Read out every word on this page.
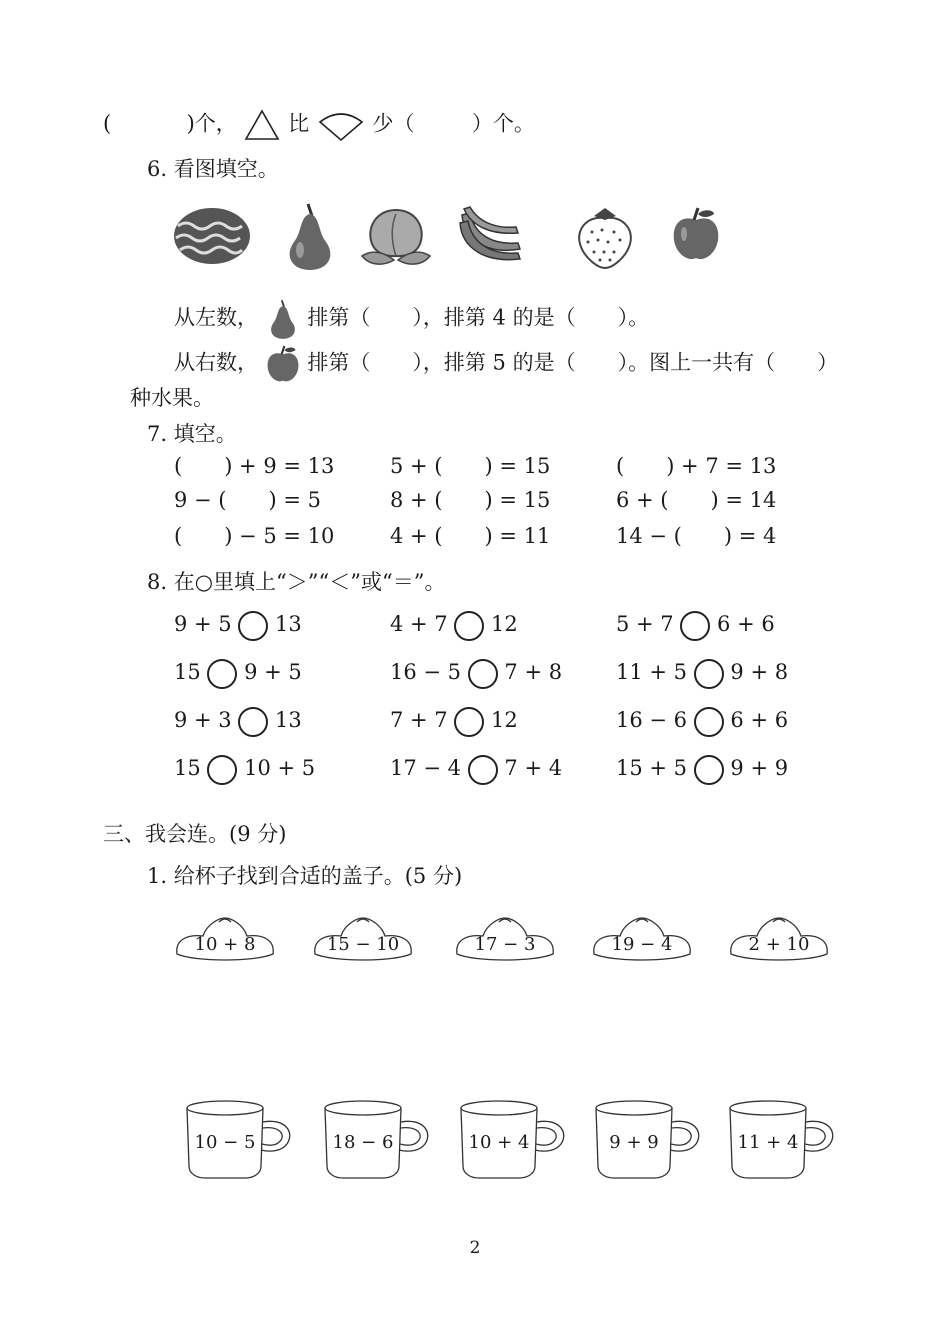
(	)个， 比	少（	）个。
6. 看图填空。
从左数， 排第（　　），排第 4 的是（　　）。
从右数， 排第（　　），排第 5 的是（　　）。图上一共有（　　）
种水果。
7. 填空。
(　　) + 9 = 13	5 + (　　) = 15	(　　) + 7 = 13
9 − (　　) = 5	8 + (　　) = 15	6 + (　　) = 14
(　　) − 5 = 10	4 + (　　) = 11	14 − (　　) = 4
8. 在○里填上“＞”“＜”或“＝”。
9 + 5 13	4 + 7 12	5 + 7 6 + 6
15 9 + 5	16 − 5 7 + 8	11 + 5 9 + 8
9 + 3 13	7 + 7 12	16 − 6 6 + 6
15 10 + 5	17 − 4 7 + 4	15 + 5 9 + 9
三、我会连。(9 分)
1. 给杯子找到合适的盖子。(5 分)
10 + 8	15 − 10	17 − 3	19 − 4	2 + 10
10 − 5	18 − 6	10 + 4	9 + 9	11 + 4
2
